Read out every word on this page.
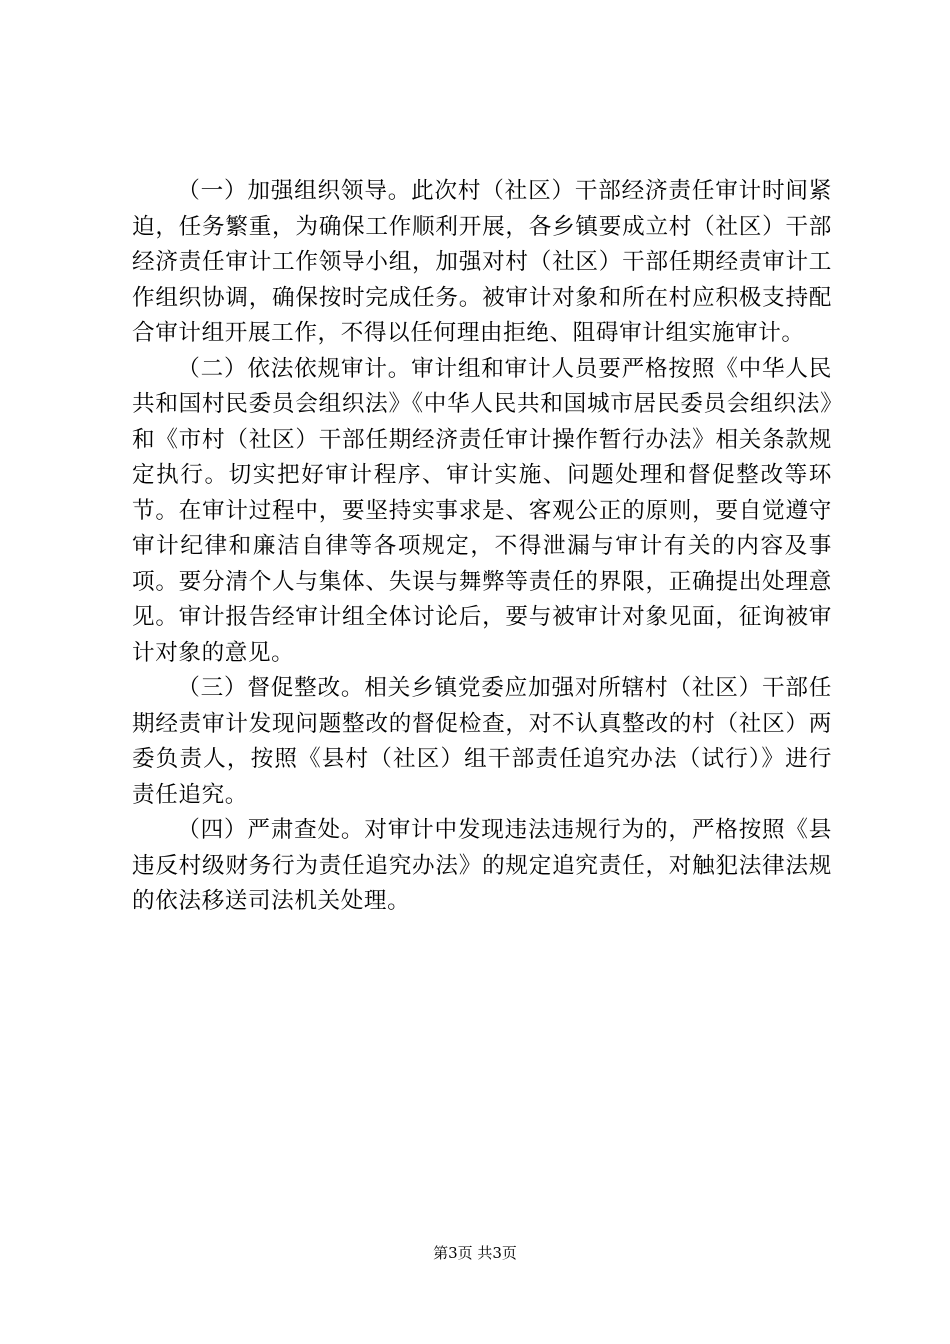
（一）加强组织领导。此次村（社区）干部经济责任审计时间紧迫，任务繁重，为确保工作顺利开展，各乡镇要成立村（社区）干部经济责任审计工作领导小组，加强对村（社区）干部任期经责审计工作组织协调，确保按时完成任务。被审计对象和所在村应积极支持配合审计组开展工作，不得以任何理由拒绝、阻碍审计组实施审计。

（二）依法依规审计。审计组和审计人员要严格按照《中华人民共和国村民委员会组织法》《中华人民共和国城市居民委员会组织法》和《市村（社区）干部任期经济责任审计操作暂行办法》相关条款规定执行。切实把好审计程序、审计实施、问题处理和督促整改等环节。在审计过程中，要坚持实事求是、客观公正的原则，要自觉遵守审计纪律和廉洁自律等各项规定，不得泄漏与审计有关的内容及事项。要分清个人与集体、失误与舞弊等责任的界限，正确提出处理意见。审计报告经审计组全体讨论后，要与被审计对象见面，征询被审计对象的意见。

（三）督促整改。相关乡镇党委应加强对所辖村（社区）干部任期经责审计发现问题整改的督促检查，对不认真整改的村（社区）两委负责人，按照《县村（社区）组干部责任追究办法（试行）》进行责任追究。

（四）严肃查处。对审计中发现违法违规行为的，严格按照《县违反村级财务行为责任追究办法》的规定追究责任，对触犯法律法规的依法移送司法机关处理。

第3页 共3页
